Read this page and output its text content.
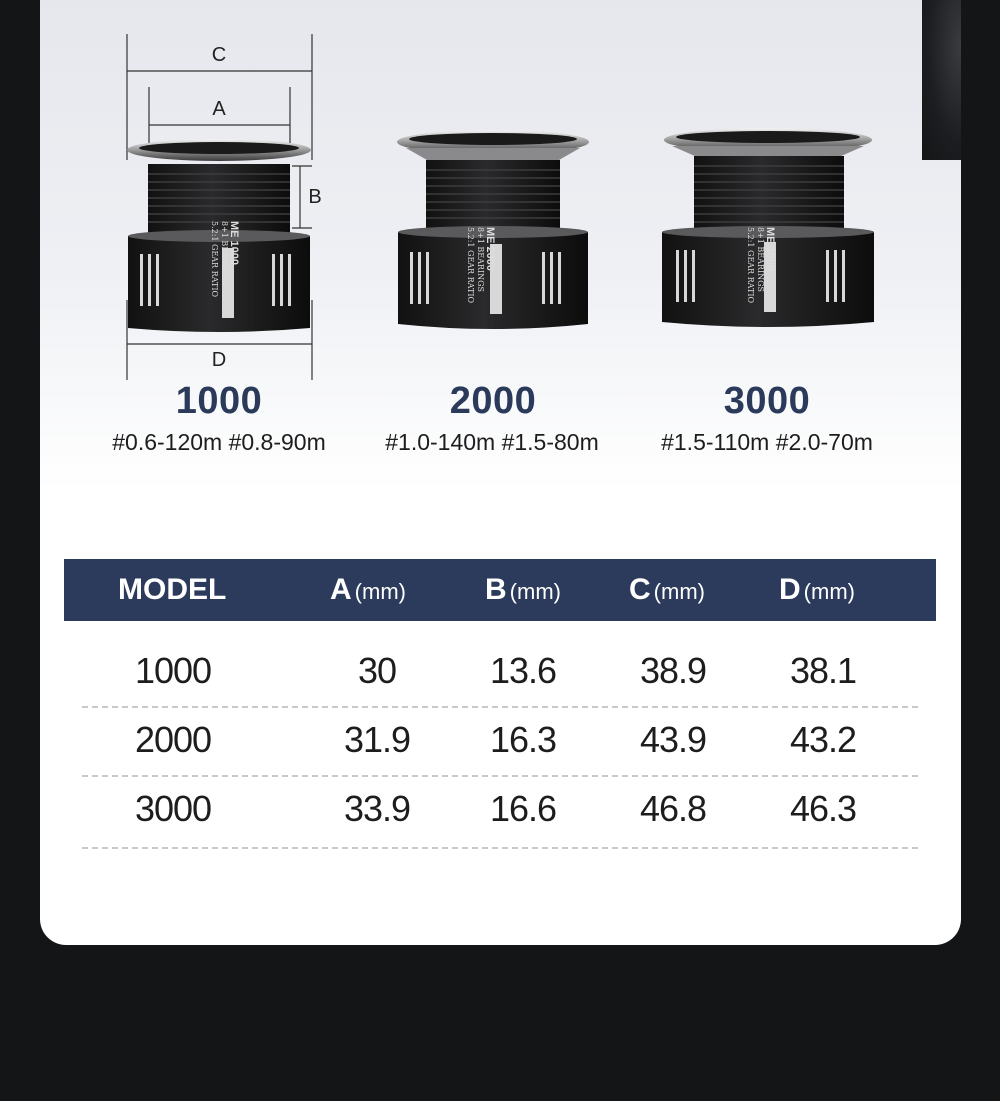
C
A
B
D
ME 1000
8+1 BEARINGS
5.2:1 GEAR RATIO	ME 2000
8+1 BEARINGS
5.2:1 GEAR RATIO	ME 3000
8+1 BEARINGS
5.2:1 GEAR RATIO
1000	2000	3000
#0.6-120m #0.8-90m	#1.0-140m #1.5-80m	#1.5-110m #2.0-70m
MODEL	A (mm)	B (mm) C (mm) D (mm)
1000	30	13.6	38.9	38.1
2000	31.9	16.3	43.9	43.2
3000	33.9	16.6	46.8	46.3
